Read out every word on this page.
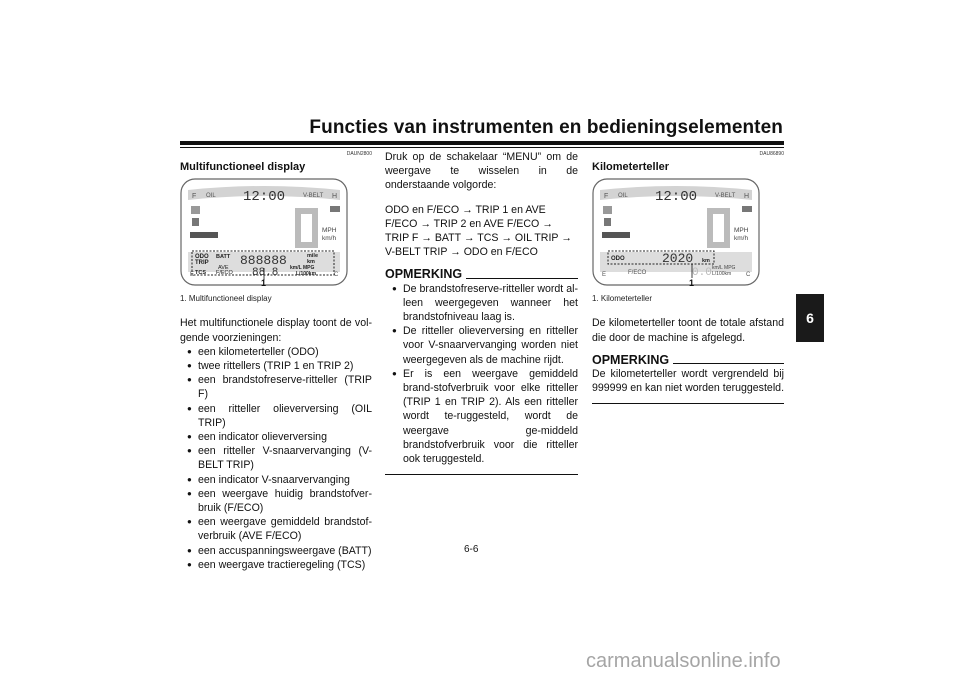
Functies van instrumenten en bedieningselementen
6
DAUN2800
Multifunctioneel display
F	H
OIL	V-BELT
12:00
MPH
km/h
ODO
TRIP
BATT 888888	mile
km
AVE
TCS F/ECO 88.8 km/L MPG
L/100km
E	C
1
1. Multifunctioneel display
Het multifunctionele display toont de vol-gende voorzieningen:
● een kilometerteller (ODO)
● twee rittellers (TRIP 1 en TRIP 2)
● een brandstofreserve-ritteller (TRIP F)
● een ritteller olieverversing (OIL TRIP)
● een indicator olieverversing
● een ritteller V-snaarvervanging (V-BELT TRIP)
● een indicator V-snaarvervanging
● een weergave huidig brandstofver-bruik (F/ECO)
● een weergave gemiddeld brandstof-verbruik (AVE F/ECO)
● een accuspanningsweergave (BATT)
● een weergave tractieregeling (TCS)
Druk op de schakelaar “MENU” om de weergave te wisselen in de onderstaande volgorde:
ODO en F/ECO → TRIP 1 en AVE F/ECO → TRIP 2 en AVE F/ECO → TRIP F → BATT → TCS → OIL TRIP → V-BELT TRIP → ODO en F/ECO
OPMERKING
● De brandstofreserve-ritteller wordt al-leen weergegeven wanneer het brandstofniveau laag is.
● De ritteller olieverversing en ritteller voor V-snaarvervanging worden niet weergegeven als de machine rijdt.
● Er is een weergave gemiddeld brand-stofverbruik voor elke ritteller (TRIP 1 en TRIP 2). Als een ritteller wordt te-ruggesteld, wordt de weergave ge-middeld brandstofverbruik voor die ritteller ook teruggesteld.
DAU86890
Kilometerteller
F	H
OIL	V-BELT
12:00
MPH
km/h
ODO	2020 km
F/ECO	0.0 km/L MPG
L/100km
E	C
1
1. Kilometerteller
De kilometerteller toont de totale afstand die door de machine is afgelegd.
OPMERKING
De kilometerteller wordt vergrendeld bij 999999 en kan niet worden teruggesteld.
6-6
carmanualsonline.info
